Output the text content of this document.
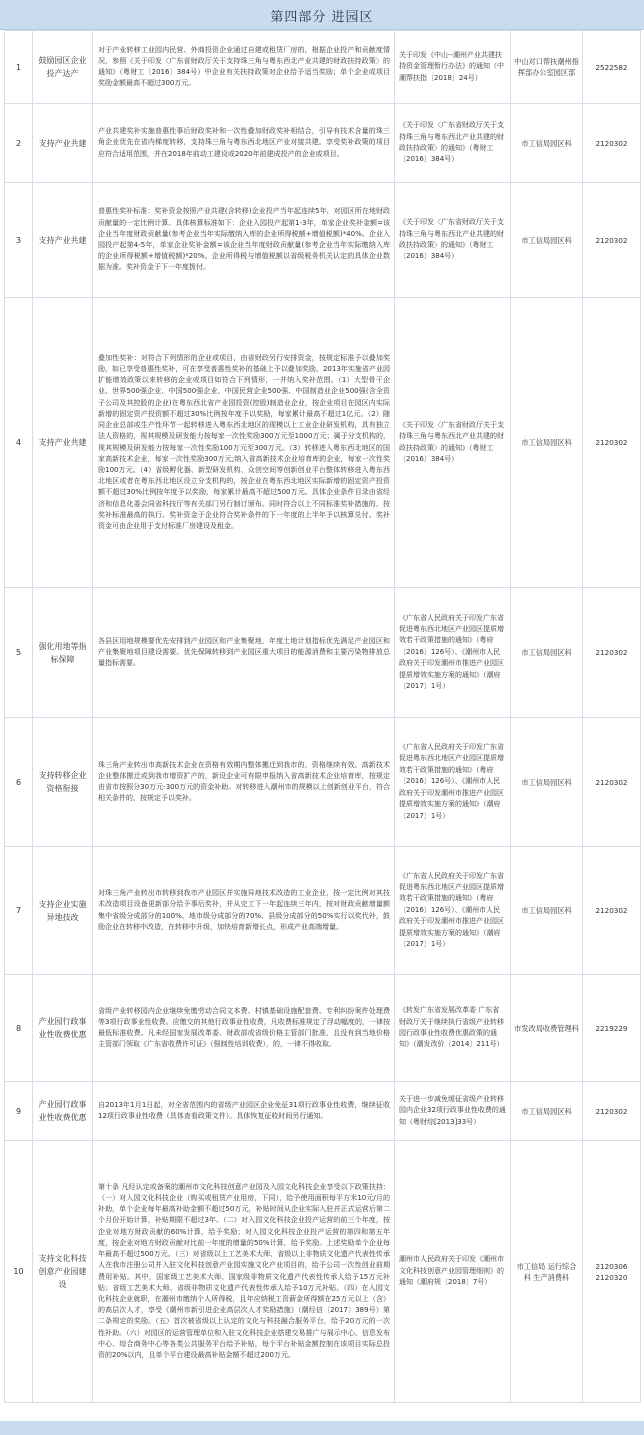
第四部分 进园区
1	鼓励园区企业投产达产	对于产业转移工业园内民营、外商投资企业通过自建或租赁厂房的，根据企业投产和贡献度情况，参照《关于印发〈广东省财政厅关于支持珠三角与粤东西北产业共建的财政扶持政策〉的通知》（粤财工〔2016〕384号）中企业有关扶持政策对企业给予适当奖励；单个企业或项目奖励金额最高不超过300万元。	关于印发《中山--潮州产业共建扶持资金管理暂行办法》的通知（中潮帮扶指〔2018〕24号）	中山对口帮扶潮州指挥部办公室园区部	2522582
2	支持产业共建	产业共建奖补实施普惠性事后财政奖补和一次性叠加财政奖补相结合，引导有技术含量的珠三角企业优先在省内梯度转移，支持珠三角与粤东西北地区产业对接共建。享受奖补政策的项目应符合适用范围，并在2018年前动工建设或2020年前建成投产的企业或项目。	《关于印发〈广东省财政厅关于支持珠三角与粤东西北产业共建的财政扶持政策〉的通知》（粤财工〔2016〕384号）	市工信局园区科	2120302
3	支持产业共建	普惠性奖补标准：奖补资金按照产业共建(含转移)企业投产当年起连续5年，对园区所在地财政贡献量的一定比例计算。具体核算标准如下：企业入园投产起第1-3年，单家企业奖补金额=该企业当年度财政贡献量(参考企业当年实际缴纳入库的企业所得税额+增值税额)*40%。企业入园投产起第4-5年，单家企业奖补金额=该企业当年度财政贡献量(参考企业当年实际缴纳入库的企业所得税额+增值税额)*20%。企业所得税与增值税额以省级税务机关认定的具体企业数据为准。奖补资金于下一年度拨付。	《关于印发〈广东省财政厅关于支持珠三角与粤东西北产业共建的财政扶持政策〉的通知》（粤财工〔2016〕384号）	市工信局园区科	2120302
4	支持产业共建	叠加性奖补：对符合下列情形的企业或项目，由省财政另行安排资金，按规定标准予以叠加奖励，如已享受普惠性奖补，可在享受普惠性奖补的基础上予以叠加奖励。2013年实施省产业园扩能增效政策以来转移的企业或项目如符合下列情形，一并纳入奖补范围。（1）大型骨干企业、世界500强企业、中国500强企业、中国民营企业500强、中国制造业企业500强(含全资子公司及其控股的企业)在粤东西北省产业园投资(控股)制造业企业，按企业项目在园区内实际新增的固定资产投资额不超过30%比例按年度予以奖励，每家累计最高不超过1亿元。（2）随同企业总部或生产性环节一起转移进入粤东西北地区的现模以上工业企业研发机构，具有独立法人资格的，视其规模及研发能力按每家一次性奖励300万元至1000万元；属于分支机构的，视其规模及研发能力按每家一次性奖励100万元至300万元。（3）转移进入粤东西北地区的国家高新技术企业，每家一次性奖励300万元;纳入省高新技术企业培育库的企业，每家一次性奖励100万元。（4）省级孵化器、新型研发机构、众创空间等创新创业平台整体转移进入粤东西北地区或者在粤东西北地区设立分支机构的，按企业在粤东西北地区实际新增的固定资产投资额不超过30%比例按年度予以奖励，每家累计最高不超过500万元。具体企业条件目录由省经济和信息化委会同省科技厅等有关部门另行制订颁布。同时符合以上不同标准奖补措施的，按奖补标准最高的执行。奖补资金于企业符合奖补条件的下一年度的上半年予以核算兑付。奖补资金可由企业用于支付标准厂房建设及租金。	《关于印发〈广东省财政厅关于支持珠三角与粤东西北产业共建的财政扶持政策〉的通知》（粤财工〔2016〕384号）	市工信局园区科	2120302
5	强化用地等指标保障	各县区用地规模要优先安排到产业园区和产业集聚地，年度土地计划指标优先满足产业园区和产业集聚地项目建设需要。优先保障转移到产业园区重大项目的能源消费和主要污染物排放总量指标需要。	《广东省人民政府关于印发广东省促进粤东西北地区产业园区提质增效若干政策措施的通知》（粤府〔2016〕126号）、《潮州市人民政府关于印发潮州市推进产业园区提质增效实施方案的通知》（潮府〔2017〕1号）	市工信局园区科	2120302
6	支持转移企业资格衔接	珠三角产业转出市高新技术企业在资格有效期内整体搬迁到我市的，资格继续有效。高新技术企业整体搬迁或到我市增资扩产的，新设企业可有限申报纳入省高新技术企业培育库，按规定由省市按照分30万元-300万元的资金补助。对转移进入潮州市的规模以上创新创业平台，符合相关条件的，按规定予以奖补。	《广东省人民政府关于印发广东省促进粤东西北地区产业园区提质增效若干政策措施的通知》（粤府〔2016〕126号）、《潮州市人民政府关于印发潮州市推进产业园区提质增效实施方案的通知》（潮府〔2017〕1号）	市工信局园区科	2120302
7	支持企业实施异地技改	对珠三角产业转出市转移到我市产业园区并实施异地技术改造的工业企业，按一定比例对其技术改造项目设备更新部分给予事后奖补，并从完工下一年起连续三年内，按对财政贡献增量额集中省级分成部分的100%、地市级分成部分的70%、县级分成部分的50%实行以奖代补，鼓励企业在转移中改造，在转移中升级，加快培育新增长点，形成产业高端增量。	《广东省人民政府关于印发广东省促进粤东西北地区产业园区提质增效若干政策措施的通知》（粤府〔2016〕126号）、《潮州市人民政府关于印发潮州市推进产业园区提质增效实施方案的通知》（潮府〔2017〕1号）	市工信局园区科	2120302
8	产业园行政事业性收费优惠	省级产业转移园内企业继续免缴劳动合同文本费、村镇基础设施配套费、专利纠纷案件处理费等3项行政事业性收费。应缴交的其他行政事业性收费，凡收费标准规定了浮动幅度的，一律按最低标准收费。凡未经国家发展改革委、财政部或省级价格主管部门批准，且没有到当地价格主管部门领取《广东省收费许可证》（强制性培训收费），的，一律不得收取。	《转发广东省发展改革委 广东省财政厅关于继续执行省级产业转移园行政事业性收费优惠政策的通知》（潮发改价〔2014〕211号）	市发改局收费管理科	2219229
9	产业园行政事业性收费优惠	自2013年1月1日起，对全省范围内的省级产业园区企业免征31项行政事业性收费，继续征收12项行政事业性收费（具体查看政策文件）。具体恢复征收时间另行通知。	关于进一步减免缓征省级产业转移园内企业32项行政事业性收费的通知（粤财综[2013]33号）	市工信局园区科	2120302
10	支持文化科技创意产业园建设	第十条 凡经认定或备案的潮州市文化科技创意产业园及入园文化科技企业享受以下政策扶持：（一）对入园文化科技企业（购买或租赁产业用房，下同），给予使用面积每平方米10元/月的补助，单个企业每年最高补助金额不超过50万元，补贴时间从企业实际入驻并正式运营后第二个月份开始计算，补贴期限不超过3年。（二）对入园文化科技企业投产运营的前三个年度，按企业对地方财政贡献的60%计算，给予奖励；对入园文化科技企业投产运营的第四和第五年度，按企业对地方财政贡献对比前一年度的增量的50%计算，给予奖励。上述奖励单个企业每年最高不超过500万元。（三）对省级以上工艺美术大师、省级以上非物质文化遗产代表性传承人在我市注册公司并入驻文化科技创意产业园实施文化产业项目的，给予公司一次性创业前期费用补贴。其中，国家级工艺美术大师、国家级非物质文化遗产代表性传承人给予15万元补贴；省级工艺美术大师、省级非物质文化遗产代表性传承人给予10万元补贴。（四）在入园文化科技企业就职，在潮州市缴纳个人所得税，且年应纳税工资薪金所得额在25万元以上（含）的高层次人才，享受《潮州市新引进企业高层次人才奖励措施》（潮经信〔2017〕389号）第二条规定的奖励。（五）首次被省级以上认定的文化与科技融合服务平台，给予20万元的一次性补助。（六）对园区的运营管理单位和入驻文化科技企业搭建交易推广与展示中心、信息发布中心、综合商务中心等各类公共服务平台给予补贴，每个平台补贴金额控制在该项目实际总投资的20%以内，且单个平台建设最高补贴金额不超过200万元。	潮州市人民政府关于印发《潮州市文化科技创意产业园管理细则》的通知（潮府规〔2018〕7号）	市工信局 运行综合科 生产消费科	2120306 2120320
